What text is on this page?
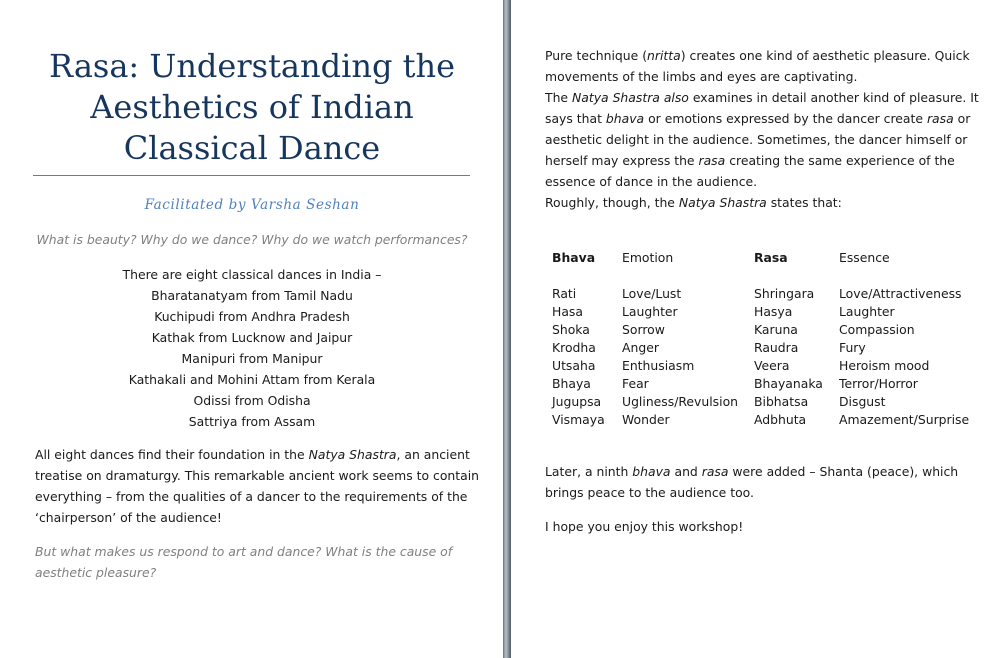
Rasa: Understanding the
Aesthetics of Indian
Classical Dance
Facilitated by Varsha Seshan
What is beauty? Why do we dance? Why do we watch performances?
There are eight classical dances in India –
Bharatanatyam from Tamil Nadu
Kuchipudi from Andhra Pradesh
Kathak from Lucknow and Jaipur
Manipuri from Manipur
Kathakali and Mohini Attam from Kerala
Odissi from Odisha
Sattriya from Assam
All eight dances find their foundation in the Natya Shastra, an ancient treatise on dramaturgy. This remarkable ancient work seems to contain everything – from the qualities of a dancer to the requirements of the ‘chairperson’ of the audience!
But what makes us respond to art and dance? What is the cause of aesthetic pleasure?

Pure technique (nritta) creates one kind of aesthetic pleasure. Quick movements of the limbs and eyes are captivating.

The Natya Shastra also examines in detail another kind of pleasure. It says that bhava or emotions expressed by the dancer create rasa or aesthetic delight in the audience. Sometimes, the dancer himself or herself may express the rasa creating the same experience of the essence of dance in the audience.

Roughly, though, the Natya Shastra states that:

Bhava	Emotion	Rasa	Essence

Rati	Love/Lust	Shringara	Love/Attractiveness
Hasa	Laughter	Hasya	Laughter
Shoka	Sorrow	Karuna	Compassion
Krodha	Anger	Raudra	Fury
Utsaha	Enthusiasm	Veera	Heroism mood
Bhaya	Fear	Bhayanaka	Terror/Horror
Jugupsa	Ugliness/Revulsion	Bibhatsa	Disgust
Vismaya	Wonder	Adbhuta	Amazement/Surprise
Later, a ninth bhava and rasa were added – Shanta (peace), which brings peace to the audience too.
I hope you enjoy this workshop!
